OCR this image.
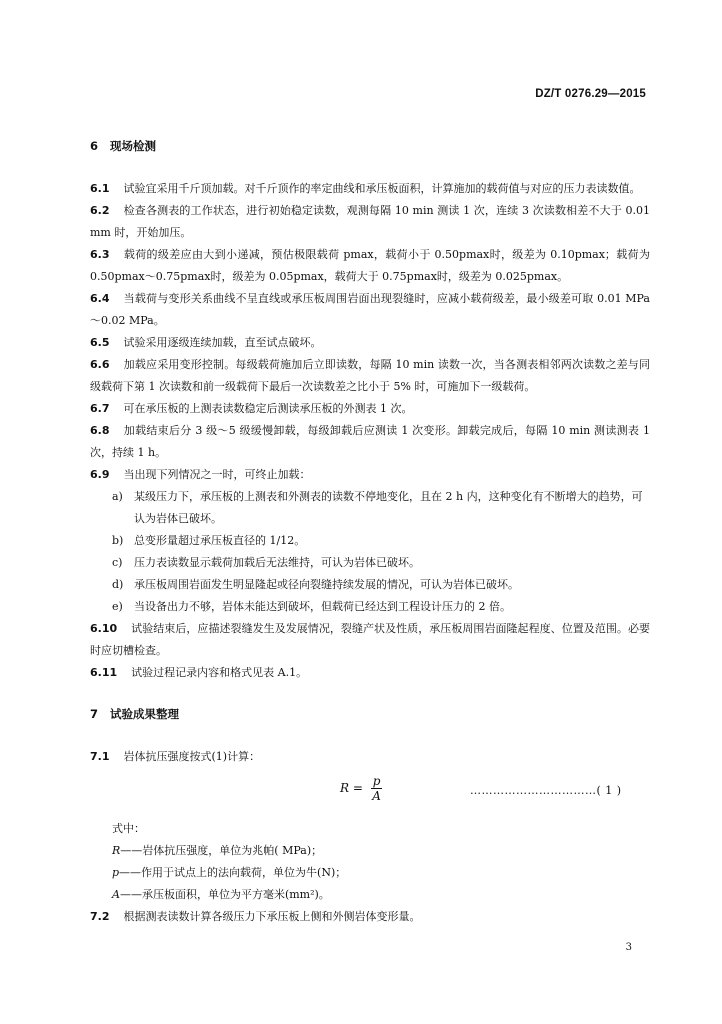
DZ/T 0276.29—2015
6 现场检测

6.1 试验宜采用千斤顶加载。对千斤顶作的率定曲线和承压板面积，计算施加的载荷值与对应的压力表读数值。

6.2 检查各测表的工作状态，进行初始稳定读数，观测每隔 10 min 测读 1 次，连续 3 次读数相差不大于 0.01 mm 时，开始加压。

6.3 载荷的级差应由大到小递减，预估极限载荷 pmax，载荷小于 0.50pmax时，级差为 0.10pmax；载荷为 0.50pmax～0.75pmax时，级差为 0.05pmax，载荷大于 0.75pmax时，级差为 0.025pmax。

6.4 当载荷与变形关系曲线不呈直线或承压板周围岩面出现裂缝时，应减小载荷级差，最小级差可取 0.01 MPa～0.02 MPa。

6.5 试验采用逐级连续加载，直至试点破坏。

6.6 加载应采用变形控制。每级载荷施加后立即读数，每隔 10 min 读数一次，当各测表相邻两次读数之差与同级载荷下第 1 次读数和前一级载荷下最后一次读数差之比小于 5% 时，可施加下一级载荷。

6.7 可在承压板的上测表读数稳定后测读承压板的外测表 1 次。

6.8 加载结束后分 3 级～5 级缓慢卸载，每级卸载后应测读 1 次变形。卸载完成后，每隔 10 min 测读测表 1 次，持续 1 h。

6.9 当出现下列情况之一时，可终止加载：

a) 某级压力下，承压板的上测表和外测表的读数不停地变化，且在 2 h 内，这种变化有不断增大的趋势，可认为岩体已破坏。
b) 总变形量超过承压板直径的 1/12。
c) 压力表读数显示载荷加载后无法维持，可认为岩体已破坏。
d) 承压板周围岩面发生明显隆起或径向裂缝持续发展的情况，可认为岩体已破坏。
e) 当设备出力不够，岩体未能达到破坏，但载荷已经达到工程设计压力的 2 倍。

6.10 试验结束后，应描述裂缝发生及发展情况，裂缝产状及性质，承压板周围岩面隆起程度、位置及范围。必要时应切槽检查。

6.11 试验过程记录内容和格式见表 A.1。

7 试验成果整理

7.1 岩体抗压强度按式(1)计算：

$R = \frac{p}{A}$	……………………………( 1 )
式中：
R——岩体抗压强度，单位为兆帕( MPa)；
p——作用于试点上的法向载荷，单位为牛(N)；
A——承压板面积，单位为平方毫米(mm²)。

7.2 根据测表读数计算各级压力下承压板上侧和外侧岩体变形量。

3
